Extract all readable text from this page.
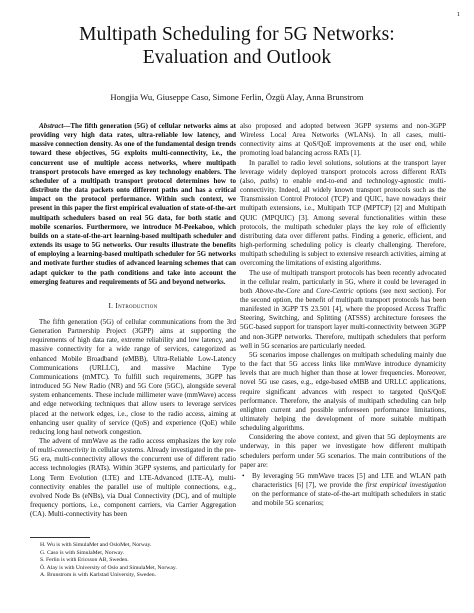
1
Multipath Scheduling for 5G Networks:
Evaluation and Outlook
Hongjia Wu, Giuseppe Caso, Simone Ferlin, Özgü Alay, Anna Brunstrom

Abstract—The fifth generation (5G) of cellular networks aims at providing very high data rates, ultra-reliable low latency, and massive connection density. As one of the fundamental design trends toward these objectives, 5G exploits multi-connectivity, i.e., the concurrent use of multiple access networks, where multipath transport protocols have emerged as key technology enablers. The scheduler of a multipath transport protocol determines how to distribute the data packets onto different paths and has a critical impact on the protocol performance. Within such context, we present in this paper the first empirical evaluation of state-of-the-art multipath schedulers based on real 5G data, for both static and mobile scenarios. Furthermore, we introduce M-Peekaboo, which builds on a state-of-the-art learning-based multipath scheduler and extends its usage to 5G networks. Our results illustrate the benefits of employing a learning-based multipath scheduler for 5G networks and motivate further studies of advanced learning schemes that can adapt quicker to the path conditions and take into account the emerging features and requirements of 5G and beyond networks.

I. Introduction

The fifth generation (5G) of cellular communications from the 3rd Generation Partnership Project (3GPP) aims at supporting the requirements of high data rate, extreme reliability and low latency, and massive connectivity for a wide range of services, categorized as enhanced Mobile Broadband (eMBB), Ultra-Reliable Low-Latency Communications (URLLC), and massive Machine Type Communications (mMTC). To fulfill such requirements, 3GPP has introduced 5G New Radio (NR) and 5G Core (5GC), alongside several system enhancements. These include millimeter wave (mmWave) access and edge networking techniques that allow users to leverage services placed at the network edges, i.e., close to the radio access, aiming at enhancing user quality of service (QoS) and experience (QoE) while reducing long haul network congestion.

The advent of mmWave as the radio access emphasizes the key role of multi-connectivity in cellular systems. Already investigated in the pre-5G era, multi-connectivity allows the concurrent use of different radio access technologies (RATs). Within 3GPP systems, and particularly for Long Term Evolution (LTE) and LTE-Advanced (LTE-A), multi-connectivity enables the parallel use of multiple connections, e.g., evolved Node Bs (eNBs), via Dual Connectivity (DC), and of multiple frequency portions, i.e., component carriers, via Carrier Aggregation (CA). Multi-connectivity has been

H. Wu is with SimulaMet and OsloMet, Norway.
G. Caso is with SimulaMet, Norway.
S. Ferlin is with Ericsson AB, Sweden.
Ö. Alay is with University of Oslo and SimulaMet, Norway.
A. Brunstrom is with Karlstad University, Sweden.

also proposed and adopted between 3GPP systems and non-3GPP Wireless Local Area Networks (WLANs). In all cases, multi-connectivity aims at QoS/QoE improvements at the user end, while promoting load balancing across RATs [1].

In parallel to radio level solutions, solutions at the transport layer leverage widely deployed transport protocols across different RATs (also, paths) to enable end-to-end and technology-agnostic multi-connectivity. Indeed, all widely known transport protocols such as the Transmission Control Protocol (TCP) and QUIC, have nowadays their multipath extensions, i.e., Multipath TCP (MPTCP) [2] and Multipath QUIC (MPQUIC) [3]. Among several functionalities within these protocols, the multipath scheduler plays the key role of efficiently distributing data over different paths. Finding a generic, efficient, and high-performing scheduling policy is clearly challenging. Therefore, multipath scheduling is subject to extensive research activities, aiming at overcoming the limitations of existing algorithms.

The use of multipath transport protocols has been recently advocated in the cellular realm, particularly in 5G, where it could be leveraged in both Above-the-Core and Core-Centric options (see next section). For the second option, the benefit of multipath transport protocols has been manifested in 3GPP TS 23.501 [4], where the proposed Access Traffic Steering, Switching, and Splitting (ATSSS) architecture foresees the 5GC-based support for transport layer multi-connectivity between 3GPP and non-3GPP networks. Therefore, multipath schedulers that perform well in 5G scenarios are particularly needed.

5G scenarios impose challenges on multipath scheduling mainly due to the fact that 5G access links like mmWave introduce dynamicity levels that are much higher than those at lower frequencies. Moreover, novel 5G use cases, e.g., edge-based eMBB and URLLC applications, require significant advances with respect to targeted QoS/QoE performance. Therefore, the analysis of multipath scheduling can help enlighten current and possible unforeseen performance limitations, ultimately helping the development of more suitable multipath scheduling algorithms.

Considering the above context, and given that 5G deployments are underway, in this paper we investigate how different multipath schedulers perform under 5G scenarios. The main contributions of the paper are:

•	By leveraging 5G mmWave traces [5] and LTE and WLAN path characteristics [6] [7], we provide the first empirical investigation on the performance of state-of-the-art multipath schedulers in static and mobile 5G scenarios;
